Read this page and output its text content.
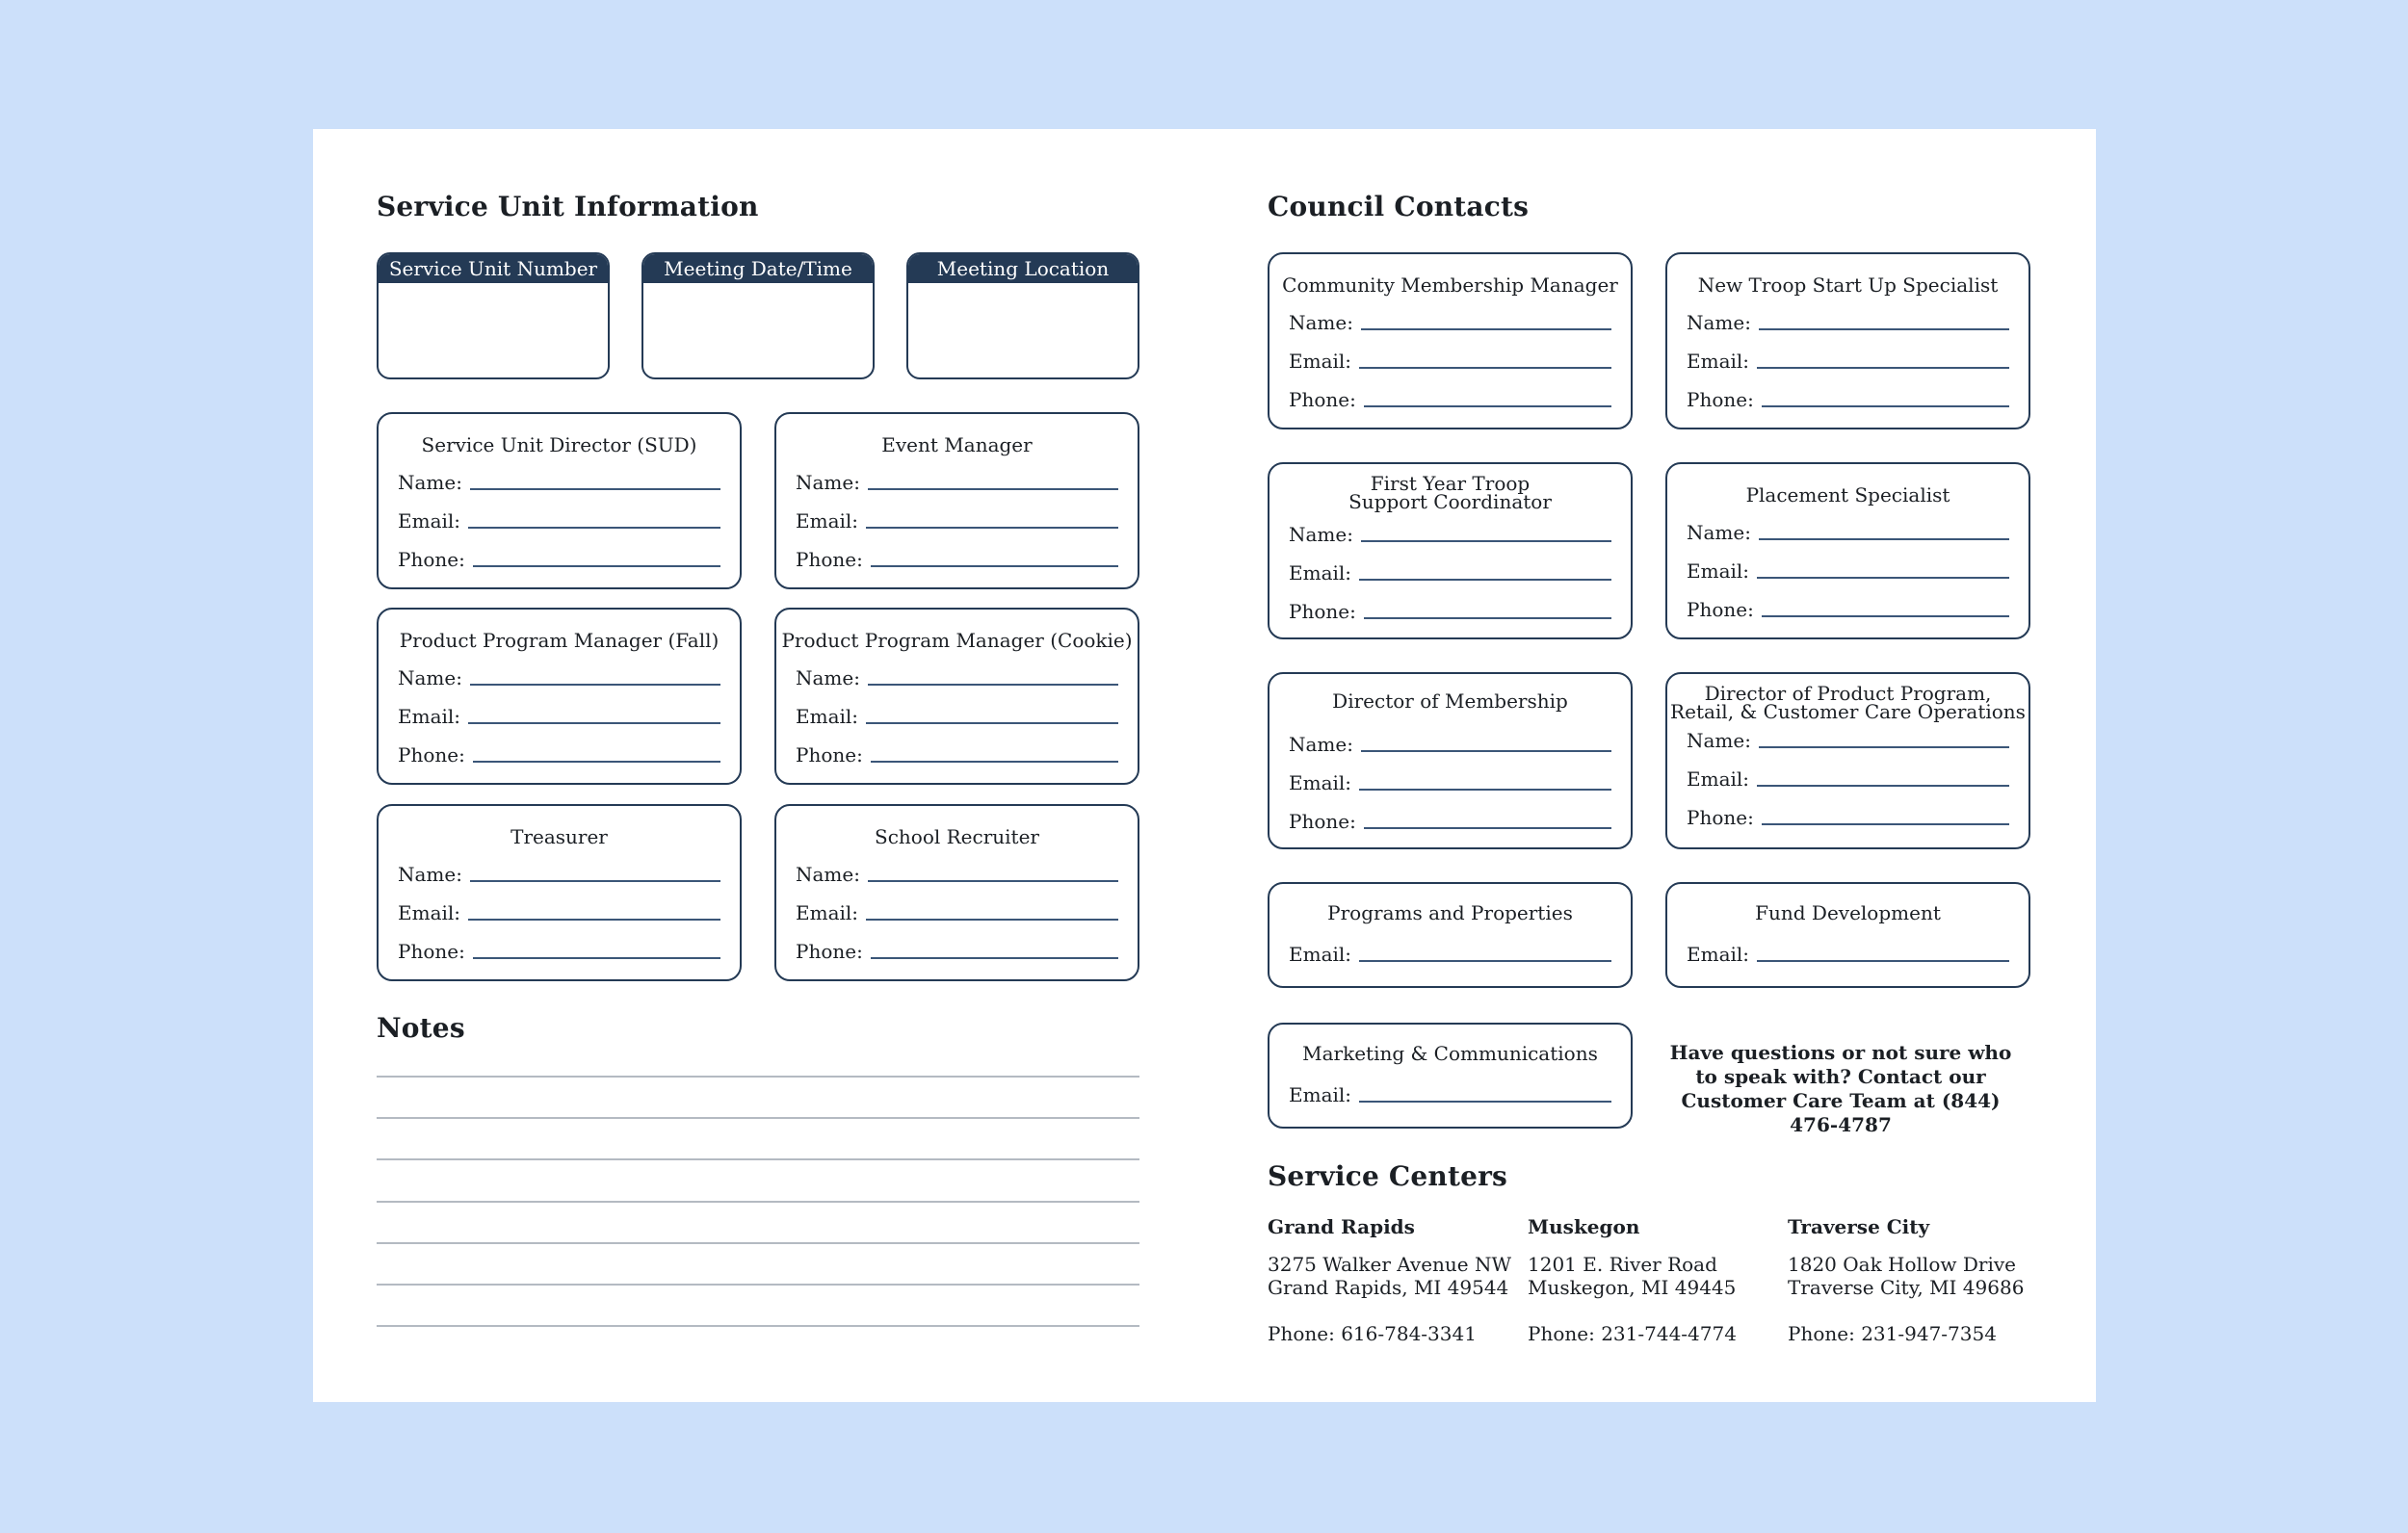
Service Unit Information
Service Unit Number	Meeting Date/Time	Meeting Location
Service Unit Director (SUD)
Name:
Email:
Phone:
Event Manager
Name:
Email:
Phone:
Product Program Manager (Fall)
Name:
Email:
Phone:
Product Program Manager (Cookie)
Name:
Email:
Phone:
Treasurer
Name:
Email:
Phone:
School Recruiter
Name:
Email:
Phone:
Notes
Council Contacts
Community Membership Manager
Name:
Email:
Phone:
New Troop Start Up Specialist
Name:
Email:
Phone:
First Year Troop
Support Coordinator
Name:
Email:
Phone:
Placement Specialist
Name:
Email:
Phone:
Director of Membership
Name:
Email:
Phone:
Director of Product Program,
Retail, & Customer Care Operations
Name:
Email:
Phone:
Programs and Properties
Email:
Fund Development
Email:
Marketing & Communications
Email:
Have questions or not sure who to speak with? Contact our Customer Care Team at (844) 476-4787
Service Centers
Grand Rapids
3275 Walker Avenue NW
Grand Rapids, MI 49544
Phone: 616-784-3341
Muskegon
1201 E. River Road
Muskegon, MI 49445
Phone: 231-744-4774
Traverse City
1820 Oak Hollow Drive
Traverse City, MI 49686
Phone: 231-947-7354
